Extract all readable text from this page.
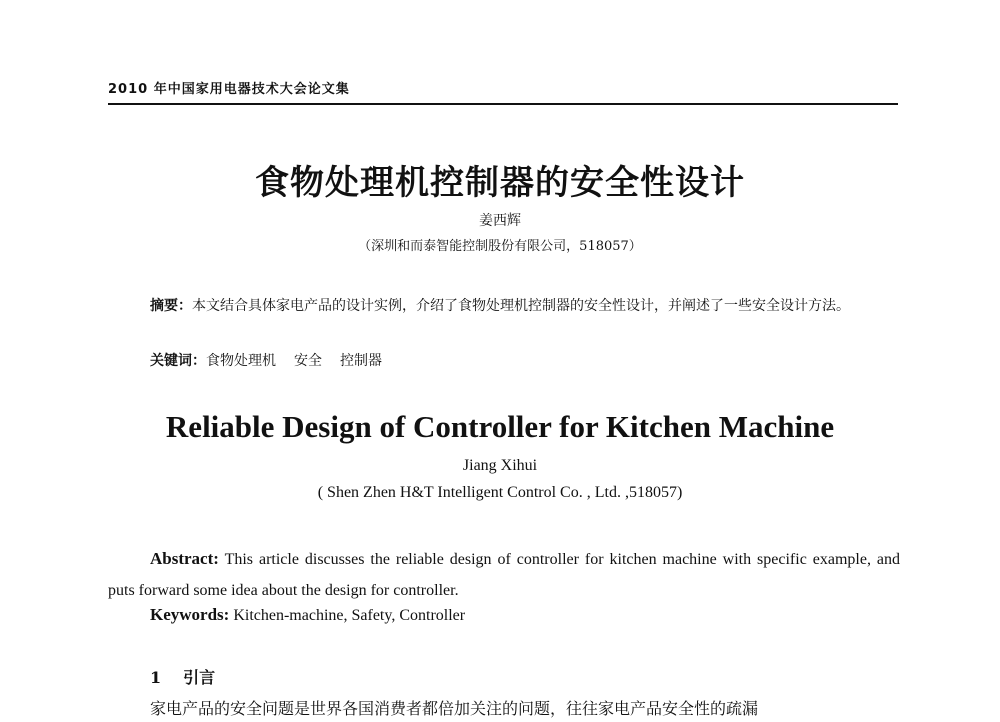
2010 年中国家用电器技术大会论文集
食物处理机控制器的安全性设计
姜西辉
（深圳和而泰智能控制股份有限公司，518057）
摘要：本文结合具体家电产品的设计实例，介绍了食物处理机控制器的安全性设计，并阐述了一些安全设计方法。
关键词：食物处理机 安全 控制器
Reliable Design of Controller for Kitchen Machine
Jiang Xihui
( Shen Zhen H&T Intelligent Control Co. , Ltd. ,518057)
Abstract: This article discusses the reliable design of controller for kitchen machine with specific example, and puts forward some idea about the design for controller.
Keywords: Kitchen-machine, Safety, Controller
1 引言
家电产品的安全问题是世界各国消费者都倍加关注的问题，往往家电产品安全性的疏漏
